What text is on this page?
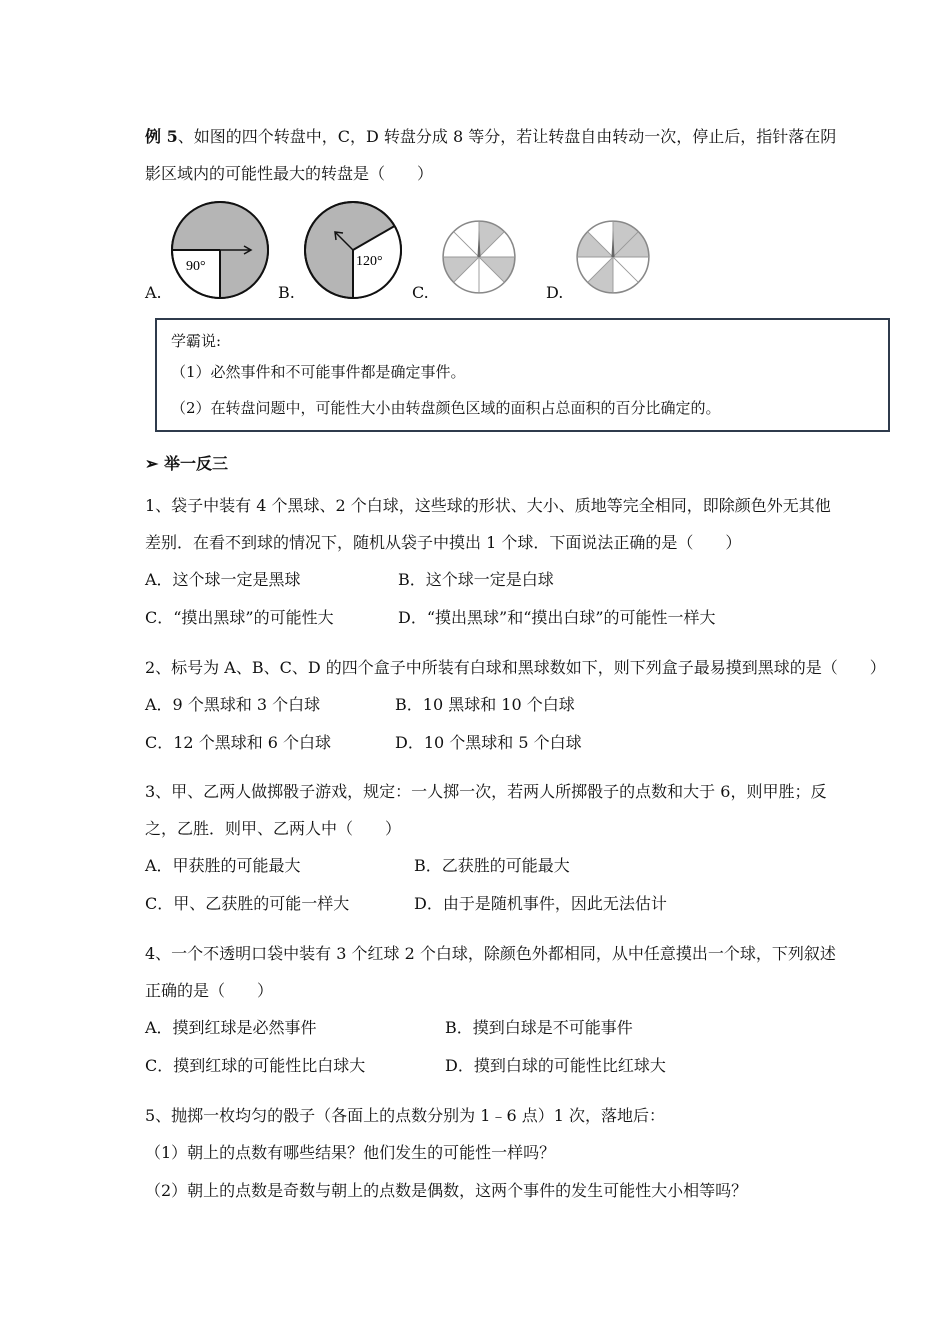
例 5、如图的四个转盘中，C，D 转盘分成 8 等分，若让转盘自由转动一次，停止后，指针落在阴
影区域内的可能性最大的转盘是（　　）
A.
90°
B.
120°
C.	D.
学霸说:
（1）必然事件和不可能事件都是确定事件。
（2）在转盘问题中，可能性大小由转盘颜色区域的面积占总面积的百分比确定的。
➢ 举一反三
1、袋子中装有 4 个黑球、2 个白球，这些球的形状、大小、质地等完全相同，即除颜色外无其他
差别．在看不到球的情况下，随机从袋子中摸出 1 个球．下面说法正确的是（　　）
A．这个球一定是黑球	B．这个球一定是白球
C．“摸出黑球”的可能性大	D．“摸出黑球”和“摸出白球”的可能性一样大
2、标号为 A、B、C、D 的四个盒子中所装有白球和黑球数如下，则下列盒子最易摸到黑球的是（　　）
A．9 个黑球和 3 个白球	B．10 黑球和 10 个白球
C．12 个黑球和 6 个白球	D．10 个黑球和 5 个白球
3、甲、乙两人做掷骰子游戏，规定：一人掷一次，若两人所掷骰子的点数和大于 6，则甲胜；反
之，乙胜．则甲、乙两人中（　　）
A．甲获胜的可能最大	B．乙获胜的可能最大
C．甲、乙获胜的可能一样大	D．由于是随机事件，因此无法估计
4、一个不透明口袋中装有 3 个红球 2 个白球，除颜色外都相同，从中任意摸出一个球，下列叙述
正确的是（　　）
A．摸到红球是必然事件	B．摸到白球是不可能事件
C．摸到红球的可能性比白球大	D．摸到白球的可能性比红球大
5、抛掷一枚均匀的骰子（各面上的点数分别为 1﹣6 点）1 次，落地后：
（1）朝上的点数有哪些结果？他们发生的可能性一样吗？
（2）朝上的点数是奇数与朝上的点数是偶数，这两个事件的发生可能性大小相等吗？
